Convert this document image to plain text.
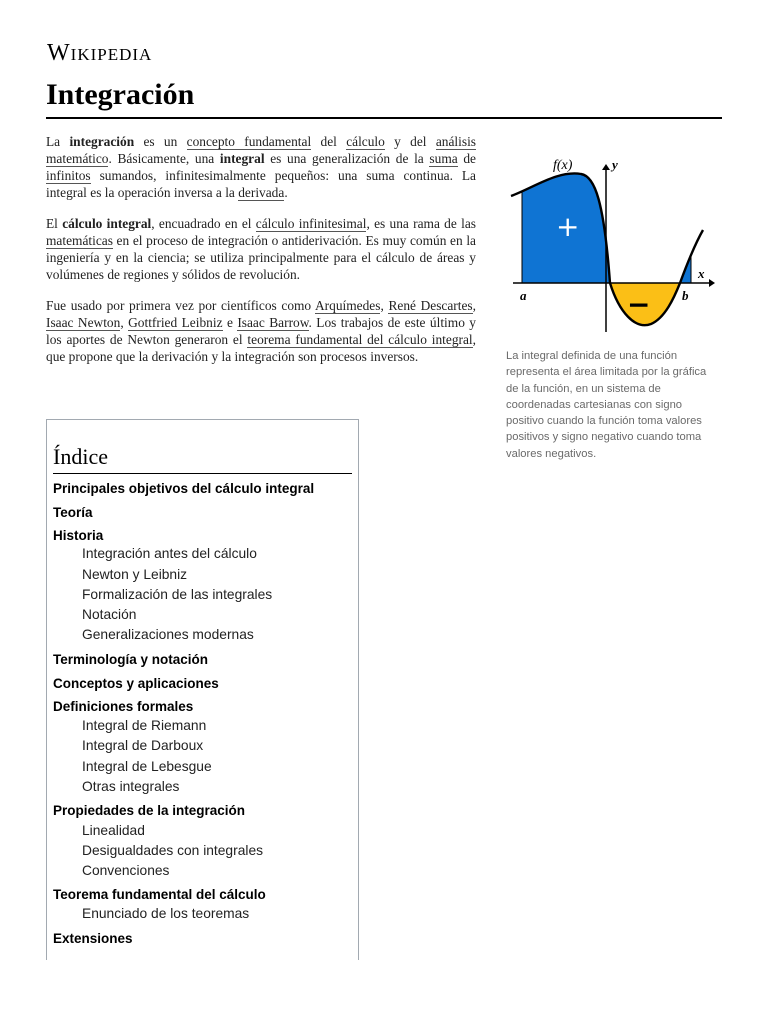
Wikipedia
Integración

La integración es un concepto fundamental del cálculo y del análisis matemático. Básicamente, una integral es una generalización de la suma de infinitos sumandos, infinitesimalmente pequeños: una suma continua. La integral es la operación inversa a la derivada.

El cálculo integral, encuadrado en el cálculo infinitesimal, es una rama de las matemáticas en el proceso de integración o antiderivación. Es muy común en la ingeniería y en la ciencia; se utiliza principalmente para el cálculo de áreas y volúmenes de regiones y sólidos de revolución.

Fue usado por primera vez por científicos como Arquímedes, René Descartes, Isaac Newton, Gottfried Leibniz e Isaac Barrow. Los trabajos de este último y los aportes de Newton generaron el teorema fundamental del cálculo integral, que propone que la derivación y la integración son procesos inversos.

f(x)	y
x
a	b
+
−
La integral definida de una función representa el área limitada por la gráfica de la función, en un sistema de coordenadas cartesianas con signo positivo cuando la función toma valores positivos y signo negativo cuando toma valores negativos.
Índice
Principales objetivos del cálculo integral
Teoría
Historia
Integración antes del cálculo
Newton y Leibniz
Formalización de las integrales
Notación
Generalizaciones modernas
Terminología y notación
Conceptos y aplicaciones
Definiciones formales
Integral de Riemann
Integral de Darboux
Integral de Lebesgue
Otras integrales
Propiedades de la integración
Linealidad
Desigualdades con integrales
Convenciones
Teorema fundamental del cálculo
Enunciado de los teoremas
Extensiones
